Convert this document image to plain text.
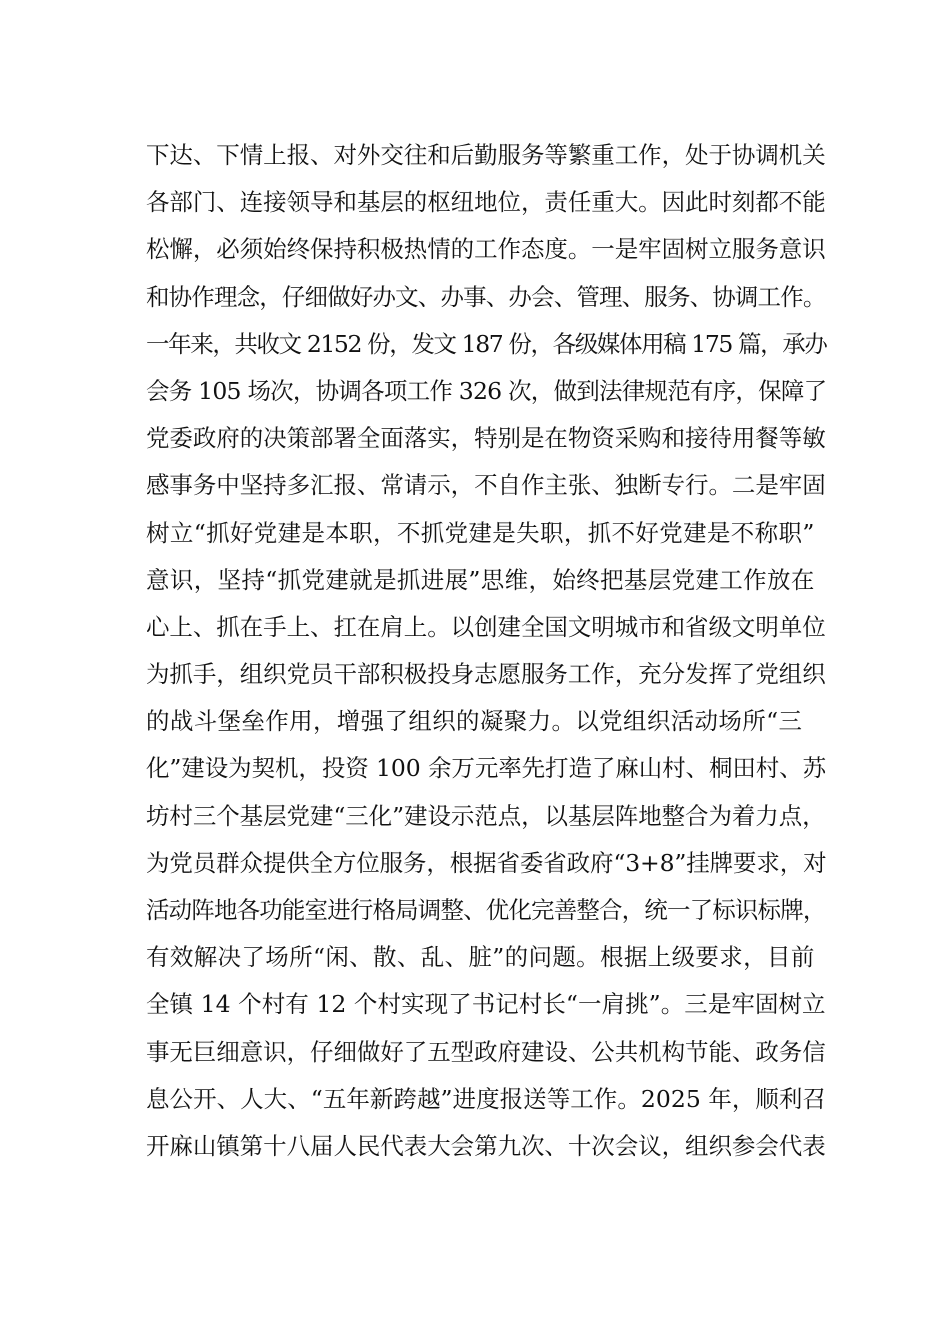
下达、下情上报、对外交往和后勤服务等繁重工作，处于协调机关
各部门、连接领导和基层的枢纽地位，责任重大。因此时刻都不能
松懈，必须始终保持积极热情的工作态度。一是牢固树立服务意识
和协作理念，仔细做好办文、办事、办会、管理、服务、协调工作。
一年来，共收文 2152 份，发文 187 份，各级媒体用稿 175 篇，承办
会务 105 场次，协调各项工作 326 次，做到法律规范有序，保障了
党委政府的决策部署全面落实，特别是在物资采购和接待用餐等敏
感事务中坚持多汇报、常请示，不自作主张、独断专行。二是牢固
树立“抓好党建是本职，不抓党建是失职，抓不好党建是不称职”
意识，坚持“抓党建就是抓进展”思维，始终把基层党建工作放在
心上、抓在手上、扛在肩上。以创建全国文明城市和省级文明单位
为抓手，组织党员干部积极投身志愿服务工作，充分发挥了党组织
的战斗堡垒作用，增强了组织的凝聚力。以党组织活动场所“三
化”建设为契机，投资 100 余万元率先打造了麻山村、桐田村、苏
坊村三个基层党建“三化”建设示范点，以基层阵地整合为着力点，
为党员群众提供全方位服务，根据省委省政府“3+8”挂牌要求，对
活动阵地各功能室进行格局调整、优化完善整合，统一了标识标牌，
有效解决了场所“闲、散、乱、脏”的问题。根据上级要求，目前
全镇 14 个村有 12 个村实现了书记村长“一肩挑”。三是牢固树立
事无巨细意识，仔细做好了五型政府建设、公共机构节能、政务信
息公开、人大、“五年新跨越”进度报送等工作。2025 年，顺利召
开麻山镇第十八届人民代表大会第九次、十次会议，组织参会代表
